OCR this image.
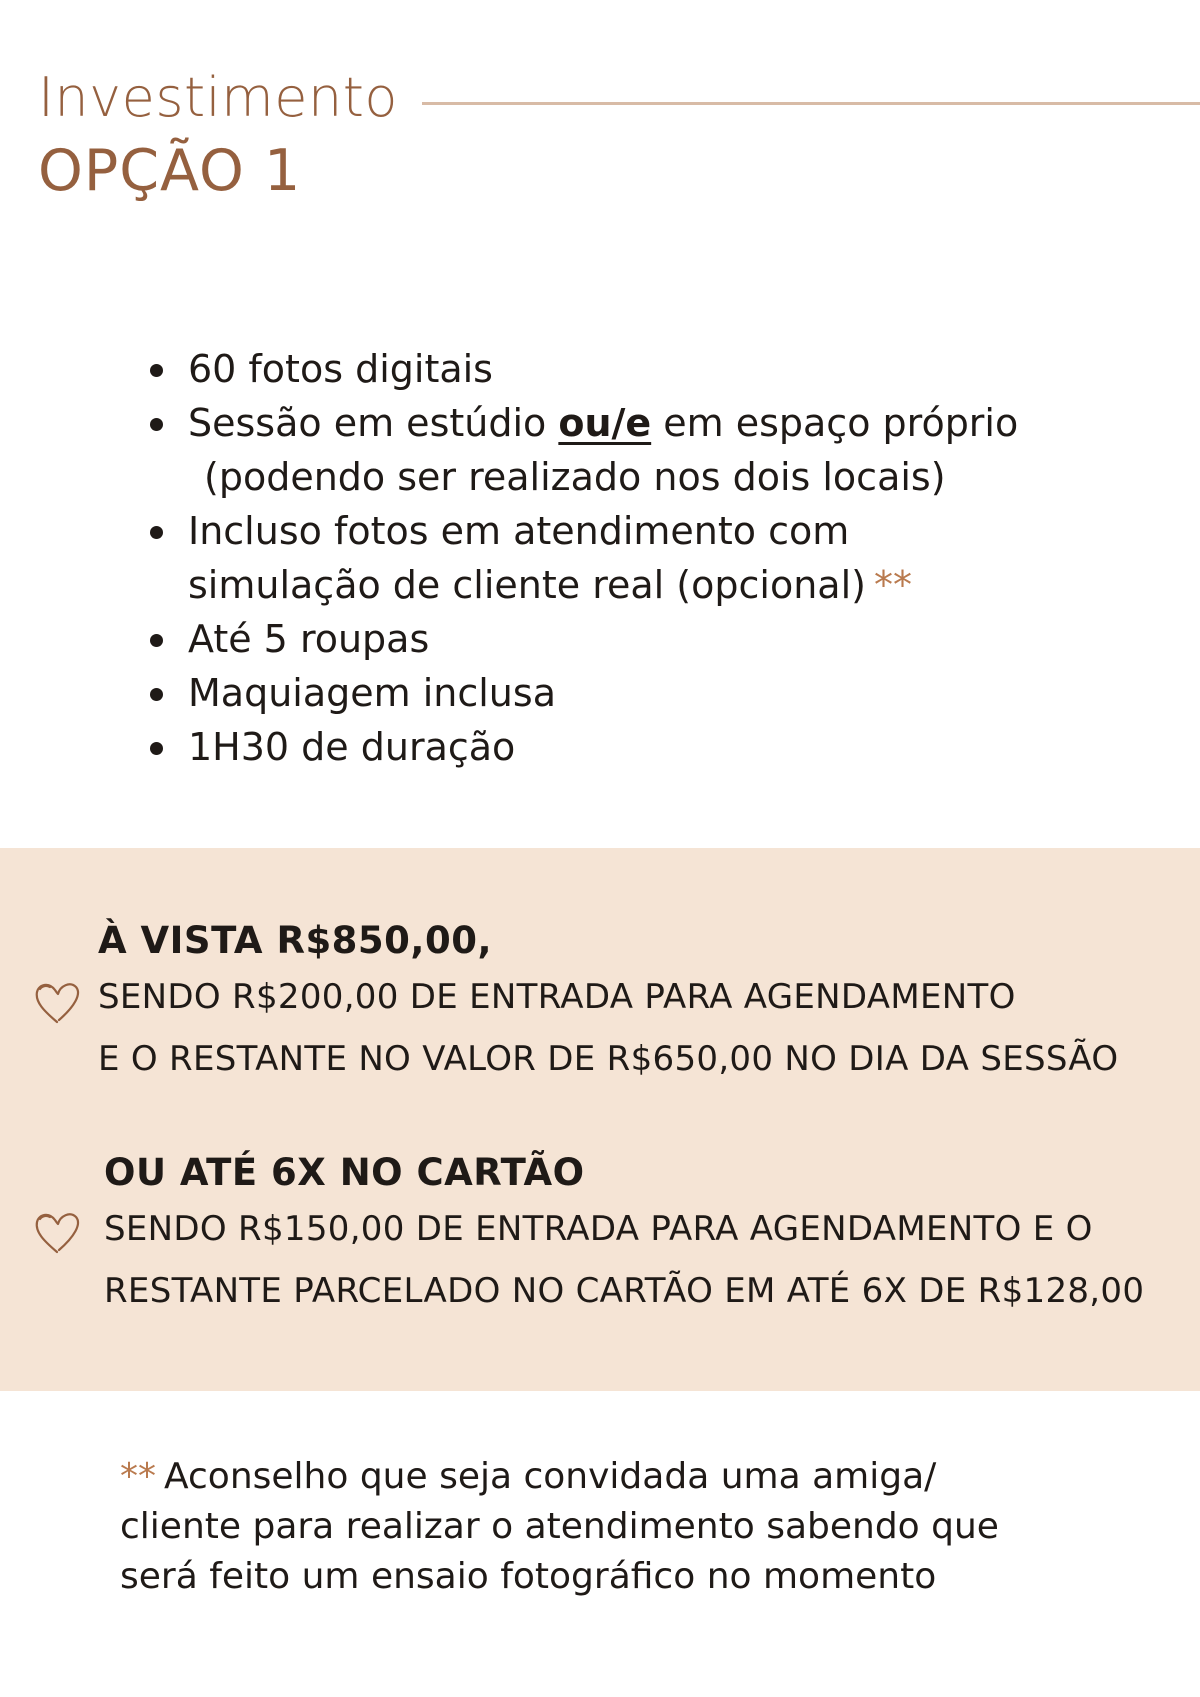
Investimento
OPÇÃO 1
60 fotos digitais
Sessão em estúdio ou/e em espaço próprio
(podendo ser realizado nos dois locais)
Incluso fotos em atendimento com
simulação de cliente real (opcional) **
Até 5 roupas
Maquiagem inclusa
1H30 de duração
À VISTA R$850,00,
SENDO R$200,00 DE ENTRADA PARA AGENDAMENTO
E O RESTANTE NO VALOR DE R$650,00 NO DIA DA SESSÃO
OU ATÉ 6X NO CARTÃO
SENDO R$150,00 DE ENTRADA PARA AGENDAMENTO E O
RESTANTE PARCELADO NO CARTÃO EM ATÉ 6X DE R$128,00
** Aconselho que seja convidada uma amiga/
cliente para realizar o atendimento sabendo que
será feito um ensaio fotográfico no momento
